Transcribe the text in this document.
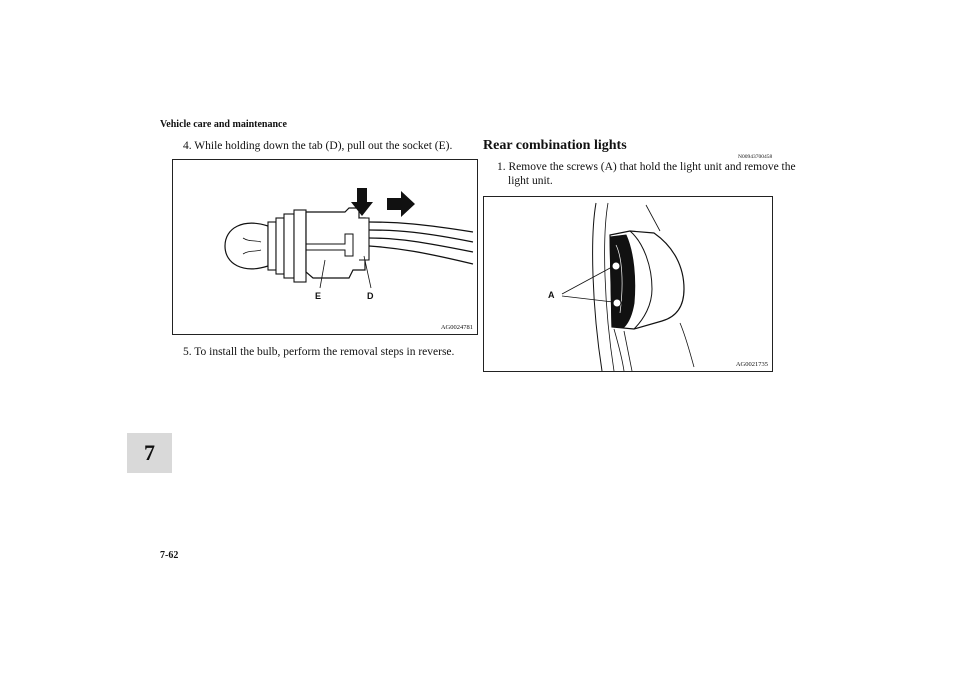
Vehicle care and maintenance
7
7-62
4. While holding down the tab (D), pull out the socket (E).
E	D
AG0024781
5. To install the bulb, perform the removal steps in reverse.
Rear combination lights
N00943700458
1. Remove the screws (A) that hold the light unit and remove the light unit.
A
AG0021735
